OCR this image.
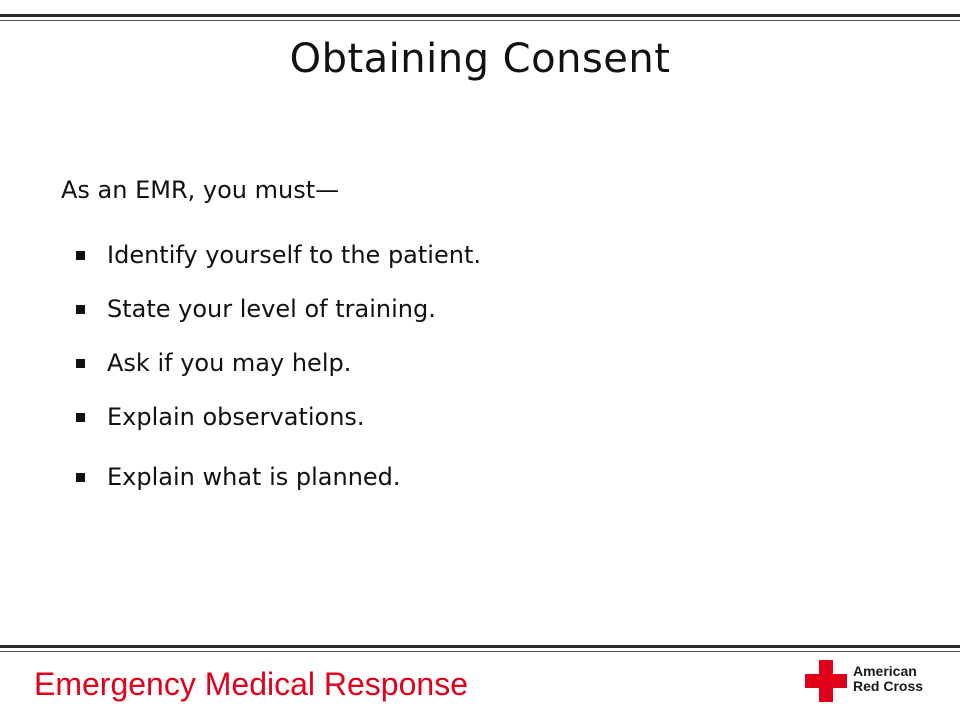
Obtaining Consent
As an EMR, you must—
Identify yourself to the patient.
State your level of training.
Ask if you may help.
Explain observations.
Explain what is planned.
Emergency Medical Response	American
Red Cross
